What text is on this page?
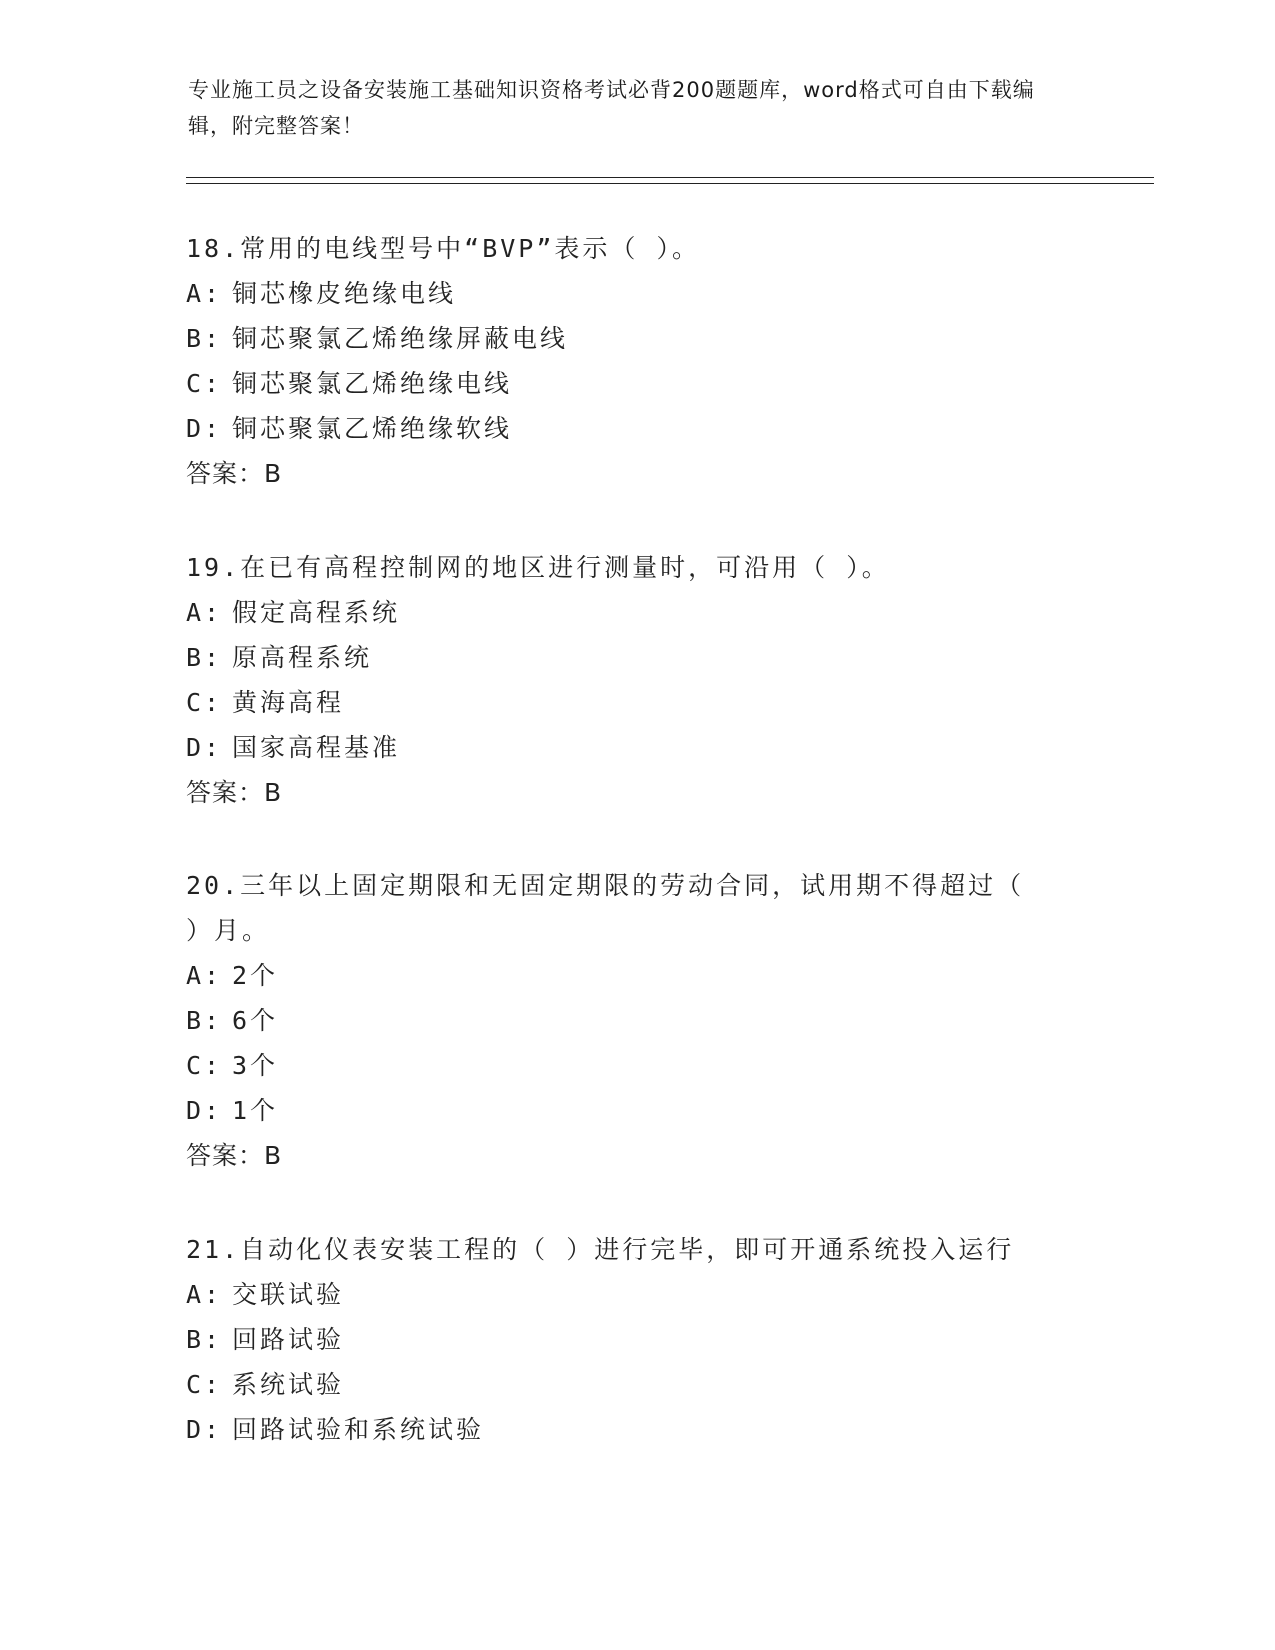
专业施工员之设备安装施工基础知识资格考试必背200题题库，word格式可自由下载编辑，附完整答案！

18.常用的电线型号中“BVP”表示（ ）。

A: 铜芯橡皮绝缘电线

B: 铜芯聚氯乙烯绝缘屏蔽电线

C: 铜芯聚氯乙烯绝缘电线

D: 铜芯聚氯乙烯绝缘软线

答案：B

19.在已有高程控制网的地区进行测量时，可沿用（ ）。

A: 假定高程系统

B: 原高程系统

C: 黄海高程

D: 国家高程基准

答案：B

20.三年以上固定期限和无固定期限的劳动合同，试用期不得超过（ ）月。

A: 2个

B: 6个

C: 3个

D: 1个

答案：B

21.自动化仪表安装工程的（ ）进行完毕，即可开通系统投入运行

A: 交联试验

B: 回路试验

C: 系统试验

D: 回路试验和系统试验
